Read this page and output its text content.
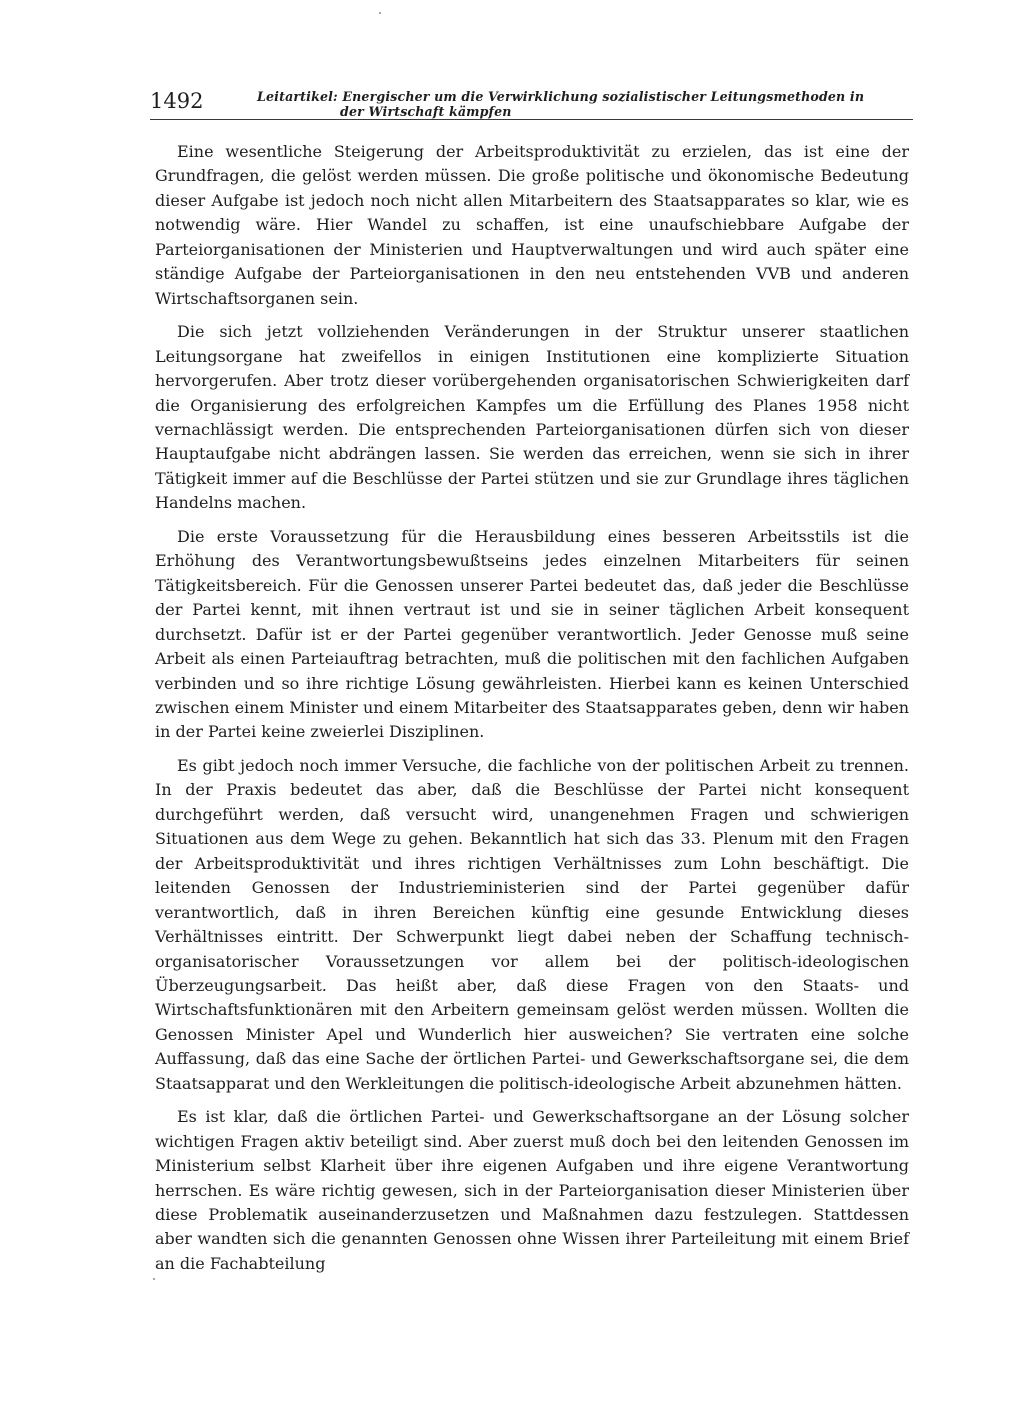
1492	Leitartikel: Energischer um die Verwirklichung sozialistischer Leitungsmethoden in
der Wirtschaft kämpfen

Eine wesentliche Steigerung der Arbeitsproduktivität zu erzielen, das ist eine der Grundfragen, die gelöst werden müssen. Die große politische und ökonomische Bedeutung dieser Aufgabe ist jedoch noch nicht allen Mitarbeitern des Staatsapparates so klar, wie es notwendig wäre. Hier Wandel zu schaffen, ist eine unaufschiebbare Aufgabe der Parteiorganisationen der Ministerien und Hauptverwaltungen und wird auch später eine ständige Aufgabe der Parteiorganisationen in den neu entstehenden VVB und anderen Wirtschaftsorganen sein.

Die sich jetzt vollziehenden Veränderungen in der Struktur unserer staatlichen Leitungsorgane hat zweifellos in einigen Institutionen eine komplizierte Situation hervorgerufen. Aber trotz dieser vorübergehenden organisatorischen Schwierigkeiten darf die Organisierung des erfolgreichen Kampfes um die Erfüllung des Planes 1958 nicht vernachlässigt werden. Die entsprechenden Parteiorganisationen dürfen sich von dieser Hauptaufgabe nicht abdrängen lassen. Sie werden das erreichen, wenn sie sich in ihrer Tätigkeit immer auf die Beschlüsse der Partei stützen und sie zur Grundlage ihres täglichen Handelns machen.

Die erste Voraussetzung für die Herausbildung eines besseren Arbeitsstils ist die Erhöhung des Verantwortungsbewußtseins jedes einzelnen Mitarbeiters für seinen Tätigkeitsbereich. Für die Genossen unserer Partei bedeutet das, daß jeder die Beschlüsse der Partei kennt, mit ihnen vertraut ist und sie in seiner täglichen Arbeit konsequent durchsetzt. Dafür ist er der Partei gegenüber verantwortlich. Jeder Genosse muß seine Arbeit als einen Parteiauftrag betrachten, muß die politischen mit den fachlichen Aufgaben verbinden und so ihre richtige Lösung gewährleisten. Hierbei kann es keinen Unterschied zwischen einem Minister und einem Mitarbeiter des Staatsapparates geben, denn wir haben in der Partei keine zweierlei Disziplinen.

Es gibt jedoch noch immer Versuche, die fachliche von der politischen Arbeit zu trennen. In der Praxis bedeutet das aber, daß die Beschlüsse der Partei nicht konsequent durchgeführt werden, daß versucht wird, unangenehmen Fragen und schwierigen Situationen aus dem Wege zu gehen. Bekanntlich hat sich das 33. Plenum mit den Fragen der Arbeitsproduktivität und ihres richtigen Verhältnisses zum Lohn beschäftigt. Die leitenden Genossen der Industrieministerien sind der Partei gegenüber dafür verantwortlich, daß in ihren Bereichen künftig eine gesunde Entwicklung dieses Verhältnisses eintritt. Der Schwerpunkt liegt dabei neben der Schaffung technisch-organisatorischer Voraussetzungen vor allem bei der politisch-ideologischen Überzeugungsarbeit. Das heißt aber, daß diese Fragen von den Staats- und Wirtschaftsfunktionären mit den Arbeitern gemeinsam gelöst werden müssen. Wollten die Genossen Minister Apel und Wunderlich hier ausweichen? Sie vertraten eine solche Auffassung, daß das eine Sache der örtlichen Partei- und Gewerkschaftsorgane sei, die dem Staatsapparat und den Werkleitungen die politisch-ideologische Arbeit abzunehmen hätten.

Es ist klar, daß die örtlichen Partei- und Gewerkschaftsorgane an der Lösung solcher wichtigen Fragen aktiv beteiligt sind. Aber zuerst muß doch bei den leitenden Genossen im Ministerium selbst Klarheit über ihre eigenen Aufgaben und ihre eigene Verantwortung herrschen. Es wäre richtig gewesen, sich in der Parteiorganisation dieser Ministerien über diese Problematik auseinanderzusetzen und Maßnahmen dazu festzulegen. Stattdessen aber wandten sich die genannten Genossen ohne Wissen ihrer Parteileitung mit einem Brief an die Fachabteilung
